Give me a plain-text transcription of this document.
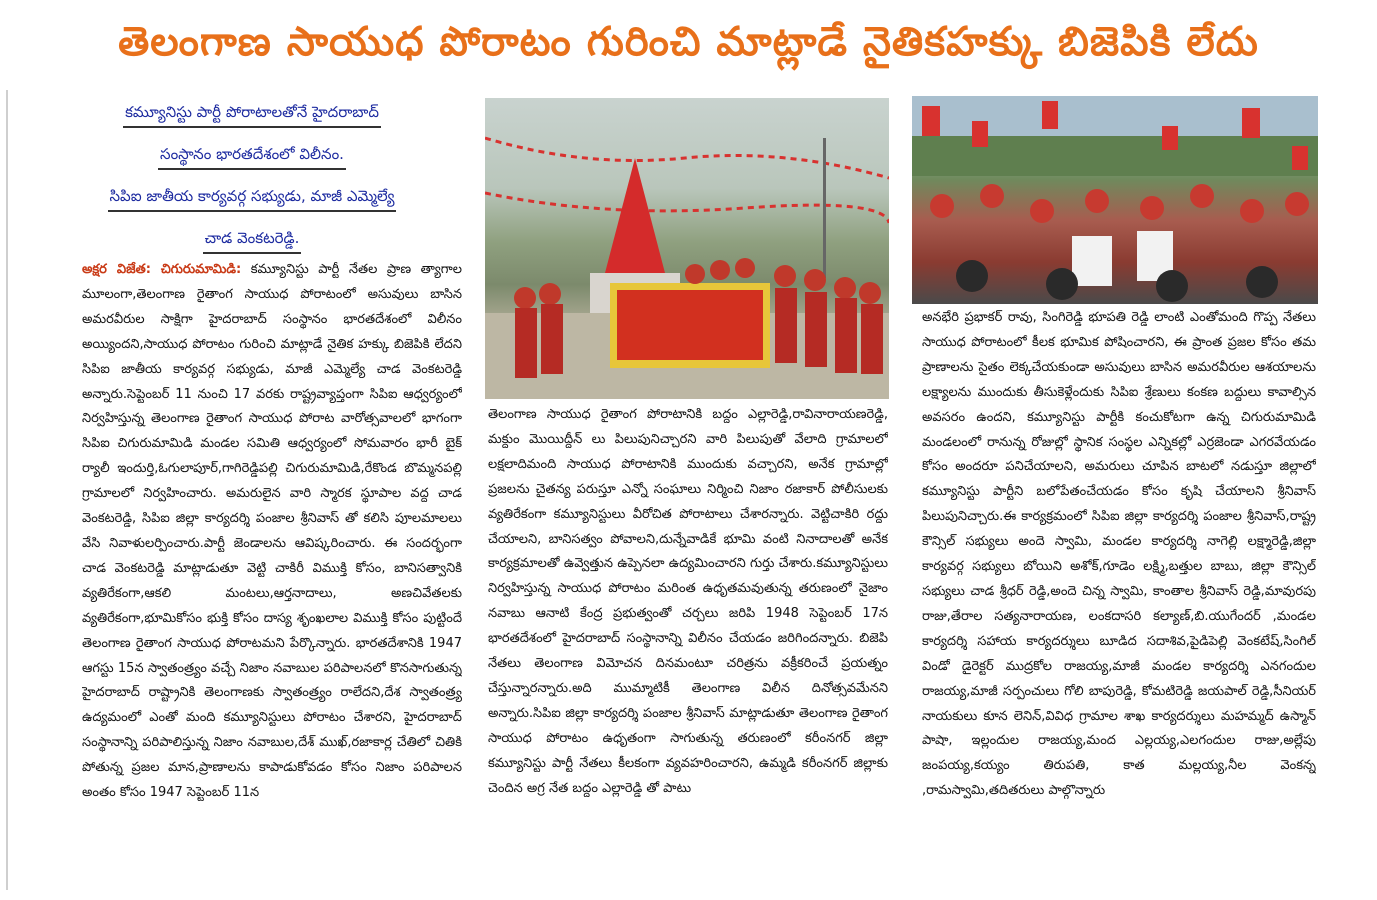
తెలంగాణ సాయుధ పోరాటం గురించి మాట్లాడే నైతికహక్కు బిజెపికి లేదు
కమ్యూనిస్టు పార్టీ పోరాటాలతోనే హైదరాబాద్
సంస్థానం భారతదేశంలో విలీనం.
సిపిఐ జాతీయ కార్యవర్గ సభ్యుడు, మాజీ ఎమ్మెల్యే
చాడ వెంకటరెడ్డి.

అక్షర విజేత: చిగురుమామిడి: కమ్యూనిస్టు పార్టీ నేతల ప్రాణ త్యాగాల మూలంగా,తెలంగాణ రైతాంగ సాయుధ పోరాటంలో అసువులు బాసిన అమరవీరుల సాక్షిగా హైదరాబాద్ సంస్థానం భారతదేశంలో విలీనం అయ్యిందని,సాయుధ పోరాటం గురించి మాట్లాడే నైతిక హక్కు బిజెపికి లేదని సిపిఐ జాతీయ కార్యవర్గ సభ్యుడు, మాజీ ఎమ్మెల్యే చాడ వెంకటరెడ్డి అన్నారు.సెప్టెంబర్ 11 నుంచి 17 వరకు రాష్ట్రవ్యాప్తంగా సిపిఐ ఆధ్వర్యంలో నిర్వహిస్తున్న తెలంగాణ రైతాంగ సాయుధ పోరాట వారోత్సవాలలో భాగంగా సిపిఐ చిగురుమామిడి మండల సమితి ఆధ్వర్యంలో సోమవారం భారీ బైక్ ర్యాలీ ఇందుర్తి,ఓగులాపూర్,గాగిరెడ్డిపల్లి చిగురుమామిడి,రేకొండ బొమ్మనపల్లి గ్రామాలలో నిర్వహించారు. అమరులైన వారి స్మారక స్థూపాల వద్ద చాడ వెంకటరెడ్డి, సిపిఐ జిల్లా కార్యదర్శి పంజాల శ్రీనివాస్ తో కలిసి పూలమాలలు వేసి నివాళులర్పించారు.పార్టీ జెండాలను ఆవిష్కరించారు. ఈ సందర్భంగా చాడ వెంకటరెడ్డి మాట్లాడుతూ వెట్టి చాకిరీ విముక్తి కోసం, బానిసత్వానికి వ్యతిరేకంగా,ఆకలి మంటలు,ఆర్తనాదాలు, అణచివేతలకు వ్యతిరేకంగా,భూమికోసం భుక్తి కోసం దాస్య శృంఖలాల విముక్తి కోసం పుట్టిందే తెలంగాణ రైతాంగ సాయుధ పోరాటమని పేర్కొన్నారు. భారతదేశానికి 1947 ఆగస్టు 15న స్వాతంత్ర్యం వచ్చే నిజాం నవాబుల పరిపాలనలో కొనసాగుతున్న హైదరాబాద్ రాష్ట్రానికి తెలంగాణకు స్వాతంత్ర్యం రాలేదని,దేశ స్వాతంత్ర్య ఉద్యమంలో ఎంతో మంది కమ్యూనిస్టులు పోరాటం చేశారని, హైదరాబాద్ సంస్థానాన్ని పరిపాలిస్తున్న నిజాం నవాబుల,దేశ్ ముఖ్,రజాకార్ల చేతిలో చితికి పోతున్న ప్రజల మాన,ప్రాణాలను కాపాడుకోవడం కోసం నిజాం పరిపాలన అంతం కోసం 1947 సెప్టెంబర్ 11న

తెలంగాణ సాయుధ రైతాంగ పోరాటానికి బద్దం ఎల్లారెడ్డి,రావినారాయణరెడ్డి, మక్దుం మొయిద్దీన్ లు పిలుపునిచ్చారని వారి పిలుపుతో వేలాది గ్రామాలలో లక్షలాదిమంది సాయుధ పోరాటానికి ముందుకు వచ్చారని, అనేక గ్రామాల్లో ప్రజలను చైతన్య పరుస్తూ ఎన్నో సంఘాలు నిర్మించి నిజాం రజాకార్ పోలీసులకు వ్యతిరేకంగా కమ్యూనిస్టులు వీరోచిత పోరాటాలు చేశారన్నారు. వెట్టిచాకిరి రద్దు చేయాలని, బానిసత్వం పోవాలని,దున్నేవాడికే భూమి వంటి నినాదాలతో అనేక కార్యక్రమాలతో ఉవ్వెత్తున ఉప్పెనలా ఉద్యమించారని గుర్తు చేశారు.కమ్యూనిస్టులు నిర్వహిస్తున్న సాయుధ పోరాటం మరింత ఉధృతమవుతున్న తరుణంలో నైజాం నవాబు ఆనాటి కేంద్ర ప్రభుత్వంతో చర్చలు జరిపి 1948 సెప్టెంబర్ 17న భారతదేశంలో హైదరాబాద్ సంస్థానాన్ని విలీనం చేయడం జరిగిందన్నారు. బిజెపి నేతలు తెలంగాణ విమోచన దినమంటూ చరిత్రను వక్రీకరించే ప్రయత్నం చేస్తున్నారన్నారు.అది ముమ్మాటికీ తెలంగాణ విలీన దినోత్సవమేనని అన్నారు.సిపిఐ జిల్లా కార్యదర్శి పంజాల శ్రీనివాస్ మాట్లాడుతూ తెలంగాణ రైతాంగ సాయుధ పోరాటం ఉధృతంగా సాగుతున్న తరుణంలో కరీంనగర్ జిల్లా కమ్యూనిస్టు పార్టీ నేతలు కీలకంగా వ్యవహరించారని, ఉమ్మడి కరీంనగర్ జిల్లాకు చెందిన అగ్ర నేత బద్దం ఎల్లారెడ్డి తో పాటు

అనభేరి ప్రభాకర్ రావు, సింగిరెడ్డి భూపతి రెడ్డి లాంటి ఎంతోమంది గొప్ప నేతలు సాయుధ పోరాటంలో కీలక భూమిక పోషించారని, ఈ ప్రాంత ప్రజల కోసం తమ ప్రాణాలను సైతం లెక్కచేయకుండా అసువులు బాసిన అమరవీరుల ఆశయాలను లక్ష్యాలను ముందుకు తీసుకెళ్లేందుకు సిపిఐ శ్రేణులు కంకణ బద్దులు కావాల్సిన అవసరం ఉందని, కమ్యూనిస్టు పార్టీకి కంచుకోటగా ఉన్న చిగురుమామిడి మండలంలో రానున్న రోజుల్లో స్థానిక సంస్థల ఎన్నికల్లో ఎర్రజెండా ఎగరవేయడం కోసం అందరూ పనిచేయాలని, అమరులు చూపిన బాటలో నడుస్తూ జిల్లాలో కమ్యూనిస్టు పార్టీని బలోపేతంచేయడం కోసం కృషి చేయాలని శ్రీనివాస్ పిలుపునిచ్చారు.ఈ కార్యక్రమంలో సిపిఐ జిల్లా కార్యదర్శి పంజాల శ్రీనివాస్,రాష్ట్ర కౌన్సిల్ సభ్యులు అందె స్వామి, మండల కార్యదర్శి నాగెల్లి లక్ష్మారెడ్డి,జిల్లా కార్యవర్గ సభ్యులు బోయిని అశోక్,గూడెం లక్ష్మి,బత్తుల బాబు, జిల్లా కౌన్సిల్ సభ్యులు చాడ శ్రీధర్ రెడ్డి,అందె చిన్న స్వామి, కాంతాల శ్రీనివాస్ రెడ్డి,మావురపు రాజు,తేరాల సత్యనారాయణ, లంకదాసరి కల్యాణ్,బి.యుగేందర్ ,మండల కార్యదర్శి సహాయ కార్యదర్శులు బూడిద సదాశివ,పైడిపెల్లి వెంకటేష్,సింగిల్ విండో డైరెక్టర్ ముద్రకోల రాజయ్య,మాజీ మండల కార్యదర్శి ఎనగందుల రాజయ్య,మాజీ సర్పంచులు గోలి బాపురెడ్డి, కోమటిరెడ్డి జయపాల్ రెడ్డి,సీనియర్ నాయకులు కూన లెనిన్,వివిధ గ్రామాల శాఖ కార్యదర్శులు మహమ్మద్ ఉస్మాన్ పాషా, ఇల్లందుల రాజయ్య,మంద ఎల్లయ్య,ఎలగందుల రాజు,అల్లేపు జంపయ్య,కయ్యం తిరుపతి, కాత మల్లయ్య,నీల వెంకన్న ,రామస్వామి,తదితరులు పాల్గొన్నారు
